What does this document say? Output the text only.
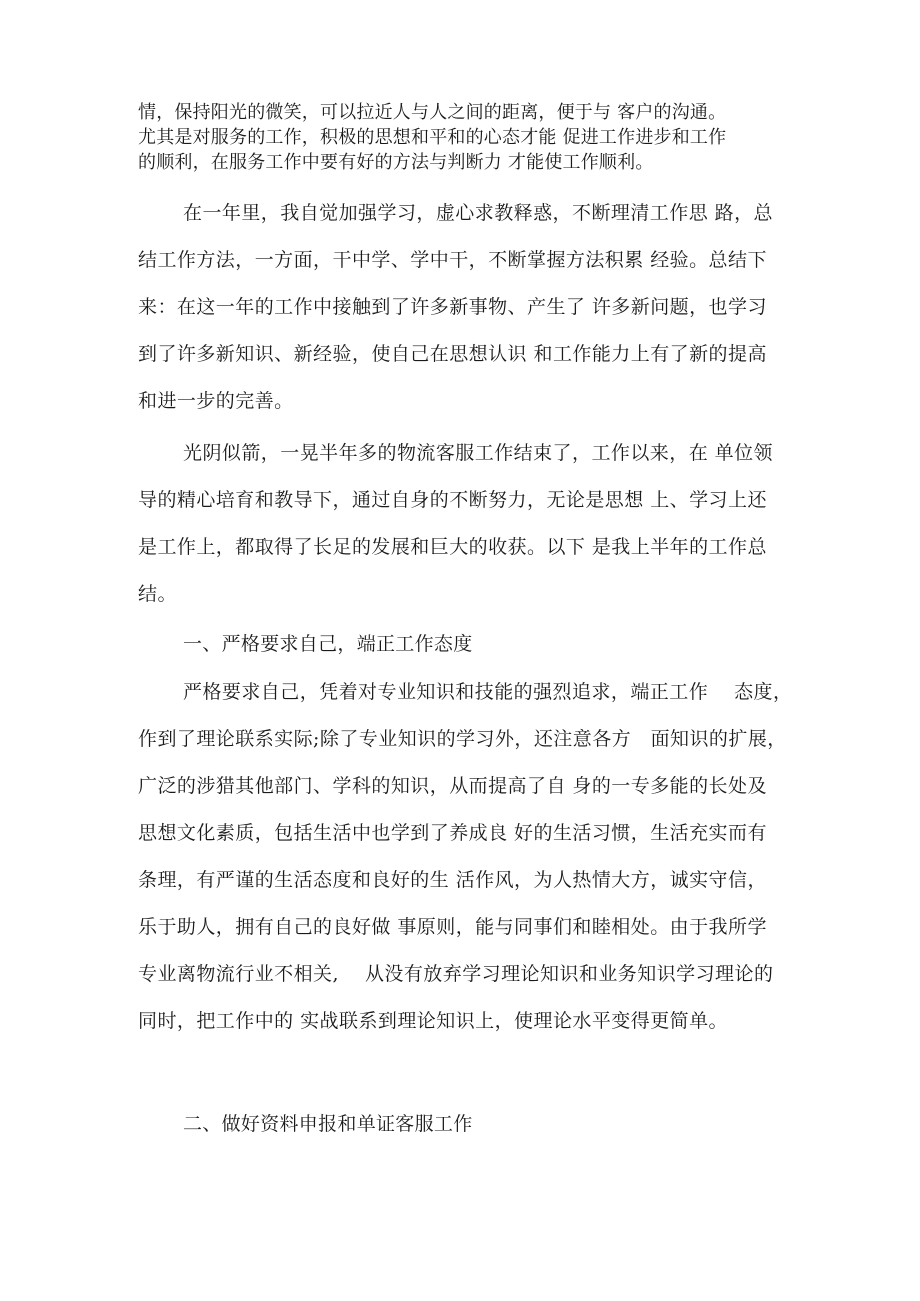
情，保持阳光的微笑，可以拉近人与人之间的距离，便于与 客户的沟通。
尤其是对服务的工作，积极的思想和平和的心态才能 促进工作进步和工作
的顺利，在服务工作中要有好的方法与判断力 才能使工作顺利。
在一年里，我自觉加强学习，虚心求教释惑，不断理清工作思 路，总
结工作方法，一方面，干中学、学中干，不断掌握方法积累 经验。总结下
来：在这一年的工作中接触到了许多新事物、产生了 许多新问题，也学习
到了许多新知识、新经验，使自己在思想认识 和工作能力上有了新的提高
和进一步的完善。
光阴似箭，一晃半年多的物流客服工作结束了，工作以来，在 单位领
导的精心培育和教导下，通过自身的不断努力，无论是思想 上、学习上还
是工作上，都取得了长足的发展和巨大的收获。以下 是我上半年的工作总
结。
一、严格要求自己，端正工作态度
严格要求自己，凭着对专业知识和技能的强烈追求，端正工作    态度，
作到了理论联系实际;除了专业知识的学习外，还注意各方   面知识的扩展，
广泛的涉猎其他部门、学科的知识，从而提高了自 身的一专多能的长处及
思想文化素质，包括生活中也学到了养成良 好的生活习惯，生活充实而有
条理，有严谨的生活态度和良好的生 活作风，为人热情大方，诚实守信，
乐于助人，拥有自己的良好做 事原则，能与同事们和睦相处。由于我所学
专业离物流行业不相关,    从没有放弃学习理论知识和业务知识学习理论的
同时，把工作中的 实战联系到理论知识上，使理论水平变得更简单。
二、做好资料申报和单证客服工作
